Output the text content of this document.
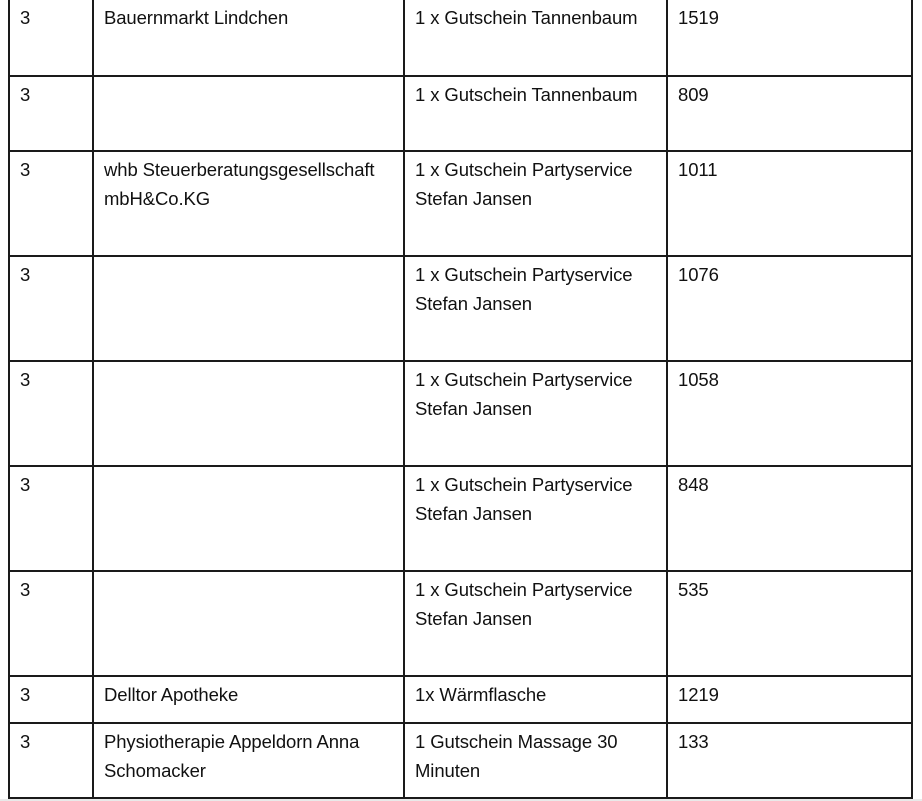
3	Bauernmarkt Lindchen	1 x Gutschein Tannenbaum	1519
3		1 x Gutschein Tannenbaum	809
3	whb Steuerberatungsgesellschaft mbH&Co.KG	1 x Gutschein Partyservice Stefan Jansen	1011
3		1 x Gutschein Partyservice Stefan Jansen	1076
3		1 x Gutschein Partyservice Stefan Jansen	1058
3		1 x Gutschein Partyservice Stefan Jansen	848
3		1 x Gutschein Partyservice Stefan Jansen	535
3	Delltor Apotheke	1x Wärmflasche	1219
3	Physiotherapie Appeldorn Anna Schomacker	1 Gutschein Massage 30 Minuten	133
